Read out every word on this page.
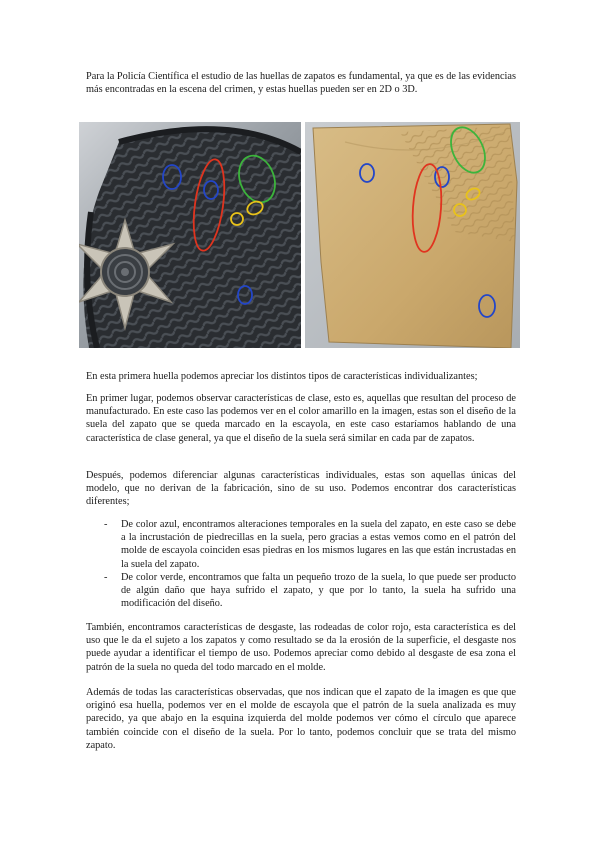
Para la Policía Científica el estudio de las huellas de zapatos es fundamental, ya que es de las evidencias más encontradas en la escena del crimen, y estas huellas pueden ser en 2D o 3D.

En esta primera huella podemos apreciar los distintos tipos de características individualizantes;

En primer lugar, podemos observar características de clase, esto es, aquellas que resultan del proceso de manufacturado. En este caso las podemos ver en el color amarillo en la imagen, estas son el diseño de la suela del zapato que se queda marcado en la escayola, en este caso estaríamos hablando de una característica de clase general, ya que el diseño de la suela será similar en cada par de zapatos.

Después, podemos diferenciar algunas características individuales, estas son aquellas únicas del modelo, que no derivan de la fabricación, sino de su uso. Podemos encontrar dos características diferentes;

- De color azul, encontramos alteraciones temporales en la suela del zapato, en este caso se debe a la incrustación de piedrecillas en la suela, pero gracias a estas vemos como en el patrón del molde de escayola coinciden esas piedras en los mismos lugares en las que están incrustadas en la suela del zapato.
- De color verde, encontramos que falta un pequeño trozo de la suela, lo que puede ser producto de algún daño que haya sufrido el zapato, y que por lo tanto, la suela ha sufrido una modificación del diseño.

También, encontramos características de desgaste, las rodeadas de color rojo, esta característica es del uso que le da el sujeto a los zapatos y como resultado se da la erosión de la superficie, el desgaste nos puede ayudar a identificar el tiempo de uso. Podemos apreciar como debido al desgaste de esa zona el patrón de la suela no queda del todo marcado en el molde.

Además de todas las características observadas, que nos indican que el zapato de la imagen es que que originó esa huella, podemos ver en el molde de escayola que el patrón de la suela analizada es muy parecido, ya que abajo en la esquina izquierda del molde podemos ver cómo el círculo que aparece también coincide con el diseño de la suela. Por lo tanto, podemos concluir que se trata del mismo zapato.
